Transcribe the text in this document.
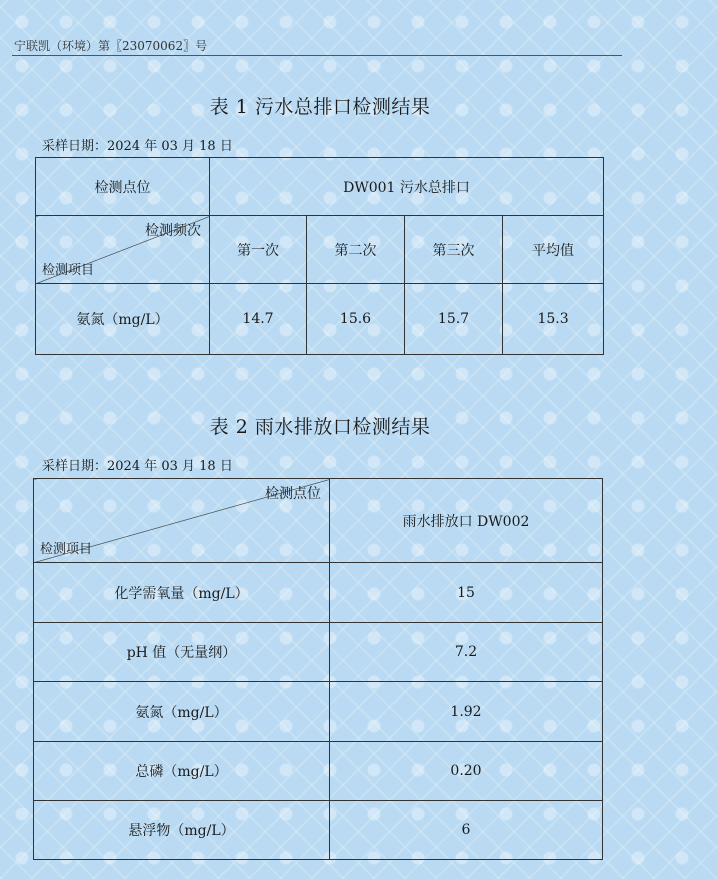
宁联凯（环境）第〖23070062〗号
表 1 污水总排口检测结果
采样日期：2024 年 03 月 18 日
检测点位	DW001 污水总排口			

检测频次
检测项目	第一次	第二次	第三次	平均值
氨氮（mg/L）	14.7	15.6	15.7	15.3
表 2 雨水排放口检测结果
采样日期：2024 年 03 月 18 日
检测点位
检测项目	雨水排放口 DW002
化学需氧量（mg/L）	15
pH 值（无量纲）	7.2
氨氮（mg/L）	1.92
总磷（mg/L）	0.20
悬浮物（mg/L）	6
